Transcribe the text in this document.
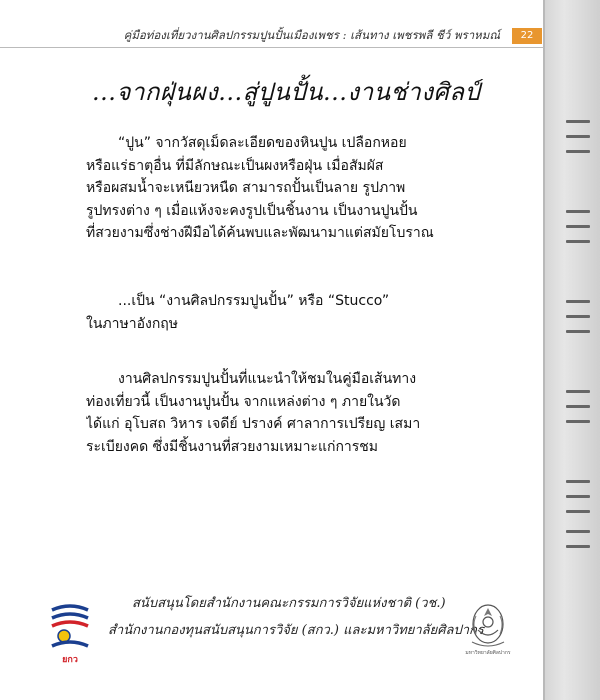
คู่มือท่องเที่ยวงานศิลปกรรมปูนปั้นเมืองเพชร : เส้นทาง เพชรพลี ชีว์ พราหมณ์	22
...จากฝุ่นผง...สู่ปูนปั้น...งานช่างศิลป์
“ปูน” จากวัสดุเม็ดละเอียดของหินปูน เปลือกหอย
หรือแร่ธาตุอื่น ที่มีลักษณะเป็นผงหรือฝุ่น เมื่อสัมผัส
หรือผสมน้ำจะเหนียวหนืด สามารถปั้นเป็นลาย รูปภาพ
รูปทรงต่าง ๆ เมื่อแห้งจะคงรูปเป็นชิ้นงาน เป็นงานปูนปั้น
ที่สวยงามซึ่งช่างฝีมือได้ค้นพบและพัฒนามาแต่สมัยโบราณ
...เป็น “งานศิลปกรรมปูนปั้น” หรือ “Stucco”
ในภาษาอังกฤษ
งานศิลปกรรมปูนปั้นที่แนะนำให้ชมในคู่มือเส้นทาง
ท่องเที่ยวนี้ เป็นงานปูนปั้น จากแหล่งต่าง ๆ ภายในวัด
ได้แก่ อุโบสถ วิหาร เจดีย์ ปรางค์ ศาลาการเปรียญ เสมา
ระเบียงคด ซึ่งมีชิ้นงานที่สวยงามเหมาะแก่การชม
ยกว
สนับสนุนโดยสำนักงานคณะกรรมการวิจัยแห่งชาติ (วช.)
สำนักงานกองทุนสนับสนุนการวิจัย (สกว.) และมหาวิทยาลัยศิลปากร
มหาวิทยาลัยศิลปากร
